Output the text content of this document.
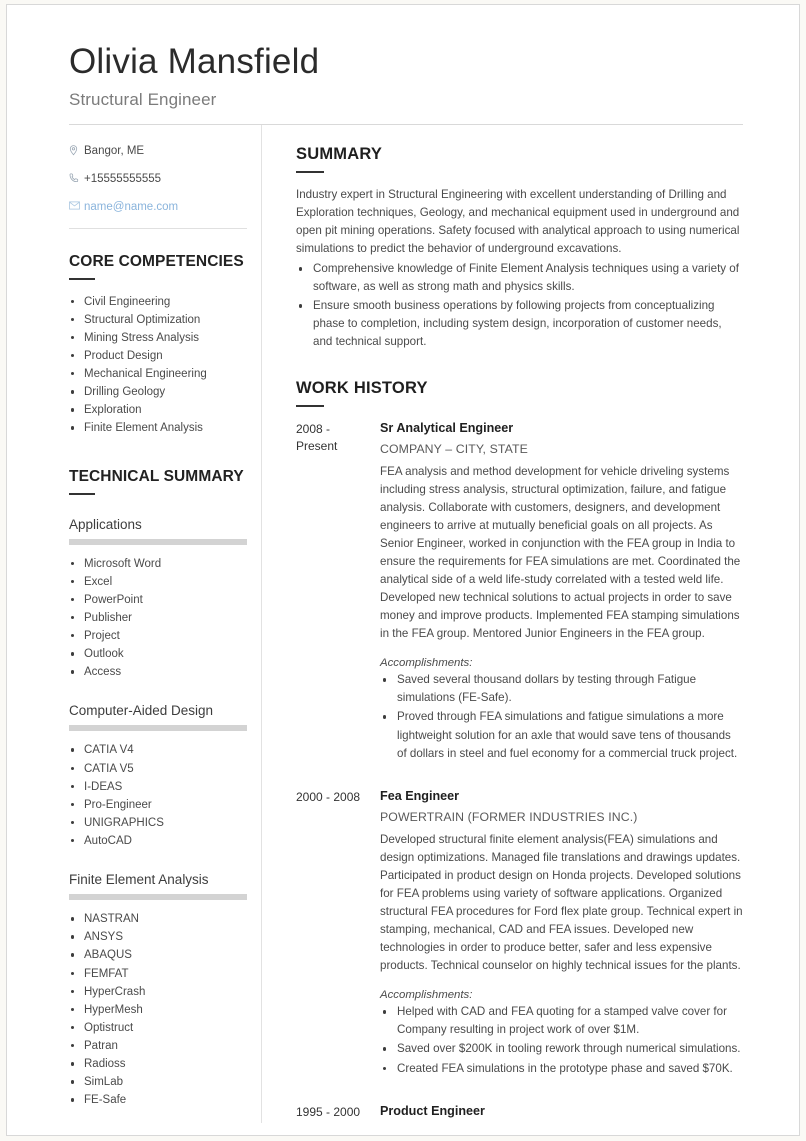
Olivia Mansfield
Structural Engineer
Bangor, ME
+15555555555
name@name.com
CORE COMPETENCIES
Civil Engineering
Structural Optimization
Mining Stress Analysis
Product Design
Mechanical Engineering
Drilling Geology
Exploration
Finite Element Analysis
TECHNICAL SUMMARY
Applications
Microsoft Word
Excel
PowerPoint
Publisher
Project
Outlook
Access
Computer-Aided Design
CATIA V4
CATIA V5
I-DEAS
Pro-Engineer
UNIGRAPHICS
AutoCAD
Finite Element Analysis
NASTRAN
ANSYS
ABAQUS
FEMFAT
HyperCrash
HyperMesh
Optistruct
Patran
Radioss
SimLab
FE-Safe
SUMMARY

Industry expert in Structural Engineering with excellent understanding of Drilling and Exploration techniques, Geology, and mechanical equipment used in underground and open pit mining operations. Safety focused with analytical approach to using numerical simulations to predict the behavior of underground excavations.

Comprehensive knowledge of Finite Element Analysis techniques using a variety of software, as well as strong math and physics skills.
Ensure smooth business operations by following projects from conceptualizing phase to completion, including system design, incorporation of customer needs, and technical support.
WORK HISTORY
2008 - Present
Sr Analytical Engineer
COMPANY – CITY, STATE

FEA analysis and method development for vehicle driveling systems including stress analysis, structural optimization, failure, and fatigue analysis. Collaborate with customers, designers, and development engineers to arrive at mutually beneficial goals on all projects. As Senior Engineer, worked in conjunction with the FEA group in India to ensure the requirements for FEA simulations are met. Coordinated the analytical side of a weld life-study correlated with a tested weld life. Developed new technical solutions to actual projects in order to save money and improve products. Implemented FEA stamping simulations in the FEA group. Mentored Junior Engineers in the FEA group.

Accomplishments:
Saved several thousand dollars by testing through Fatigue simulations (FE-Safe).
Proved through FEA simulations and fatigue simulations a more lightweight solution for an axle that would save tens of thousands of dollars in steel and fuel economy for a commercial truck project.
2000 - 2008	Fea Engineer
POWERTRAIN (FORMER INDUSTRIES INC.)

Developed structural finite element analysis(FEA) simulations and design optimizations. Managed file translations and drawings updates. Participated in product design on Honda projects. Developed solutions for FEA problems using variety of software applications. Organized structural FEA procedures for Ford flex plate group. Technical expert in stamping, mechanical, CAD and FEA issues. Developed new technologies in order to produce better, safer and less expensive products. Technical counselor on highly technical issues for the plants.

Accomplishments:
Helped with CAD and FEA quoting for a stamped valve cover for Company resulting in project work of over $1M.
Saved over $200K in tooling rework through numerical simulations.
Created FEA simulations in the prototype phase and saved $70K.
1995 - 2000	Product Engineer
